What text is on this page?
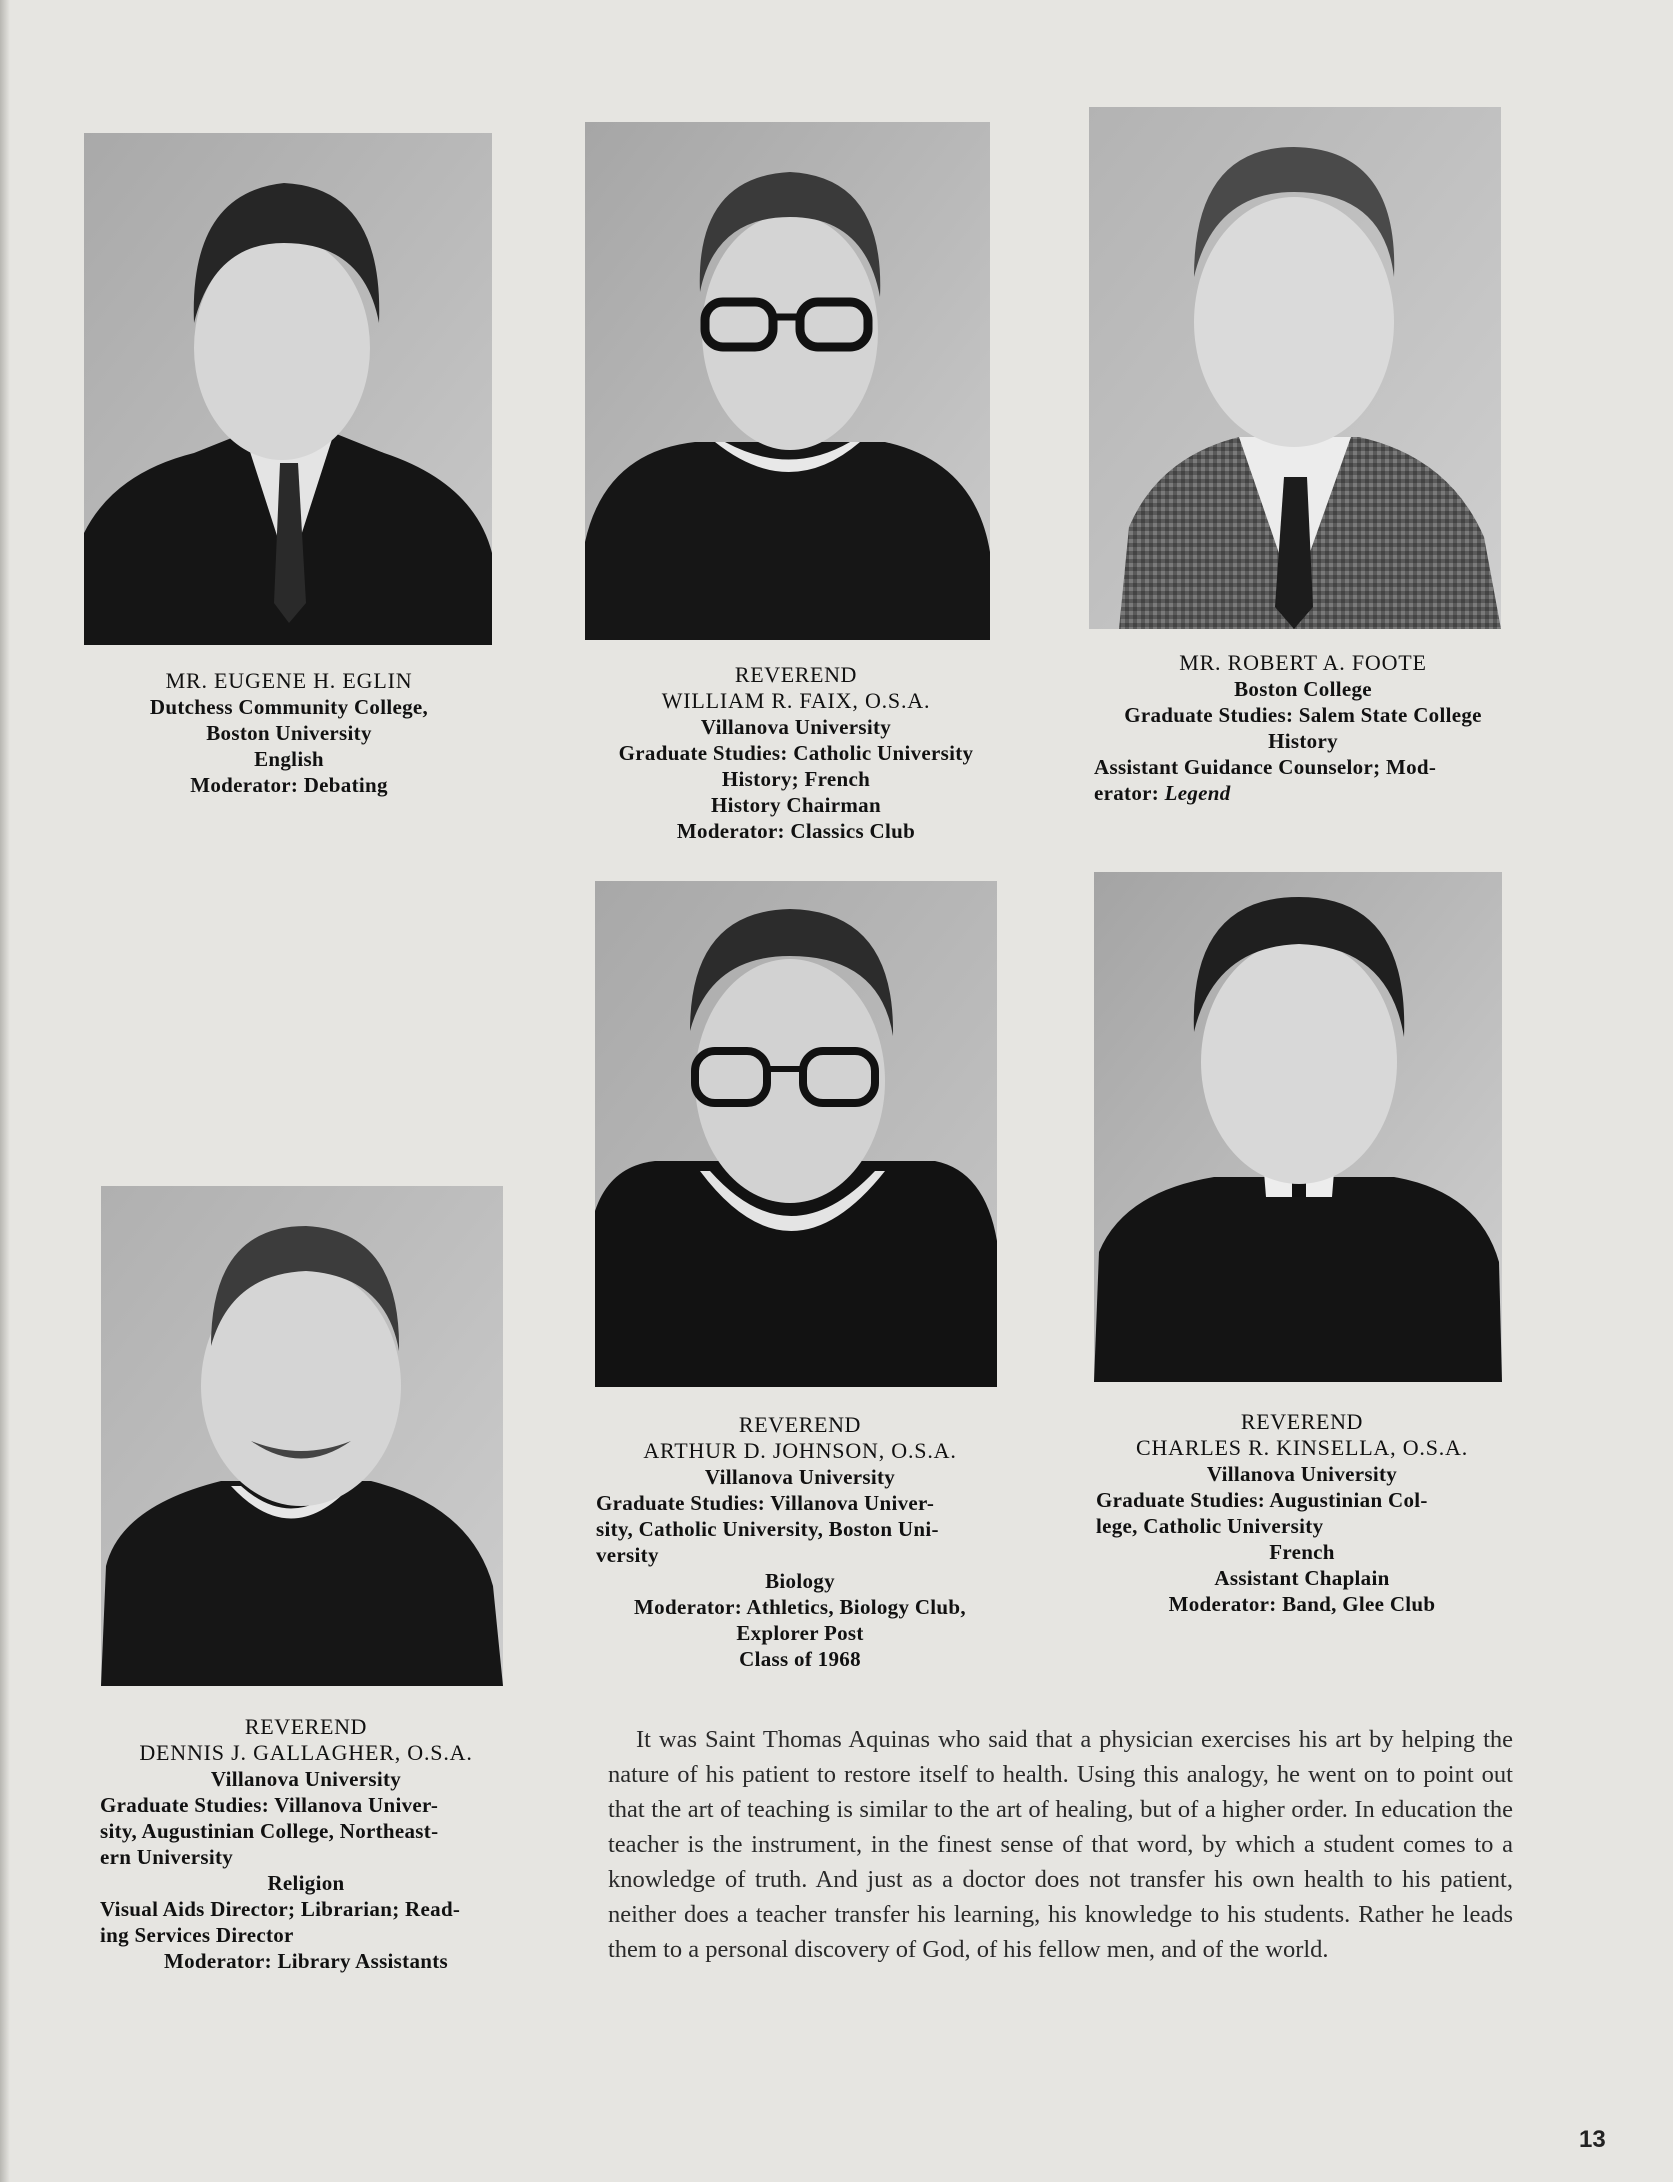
MR. EUGENE H. EGLIN
Dutchess Community College,
Boston University
English
Moderator: Debating
REVEREND
WILLIAM R. FAIX, O.S.A.
Villanova University
Graduate Studies: Catholic University
History; French
History Chairman
Moderator: Classics Club
MR. ROBERT A. FOOTE
Boston College
Graduate Studies: Salem State College
History
Assistant Guidance Counselor; Mod-
erator: Legend
REVEREND
ARTHUR D. JOHNSON, O.S.A.
Villanova University
Graduate Studies: Villanova Univer-
sity, Catholic University, Boston Uni-
versity
Biology
Moderator: Athletics, Biology Club,
Explorer Post
Class of 1968
REVEREND
CHARLES R. KINSELLA, O.S.A.
Villanova University
Graduate Studies: Augustinian Col-
lege, Catholic University
French
Assistant Chaplain
Moderator: Band, Glee Club
REVEREND
DENNIS J. GALLAGHER, O.S.A.
Villanova University
Graduate Studies: Villanova Univer-
sity, Augustinian College, Northeast-
ern University
Religion
Visual Aids Director; Librarian; Read-
ing Services Director
Moderator: Library Assistants

It was Saint Thomas Aquinas who said that a physician exercises his art by helping the nature of his patient to restore itself to health. Using this analogy, he went on to point out that the art of teaching is similar to the art of healing, but of a higher order. In education the teacher is the instrument, in the finest sense of that word, by which a student comes to a knowledge of truth. And just as a doctor does not transfer his own health to his patient, neither does a teacher transfer his learning, his knowledge to his students. Rather he leads them to a personal discovery of God, of his fellow men, and of the world.

13
